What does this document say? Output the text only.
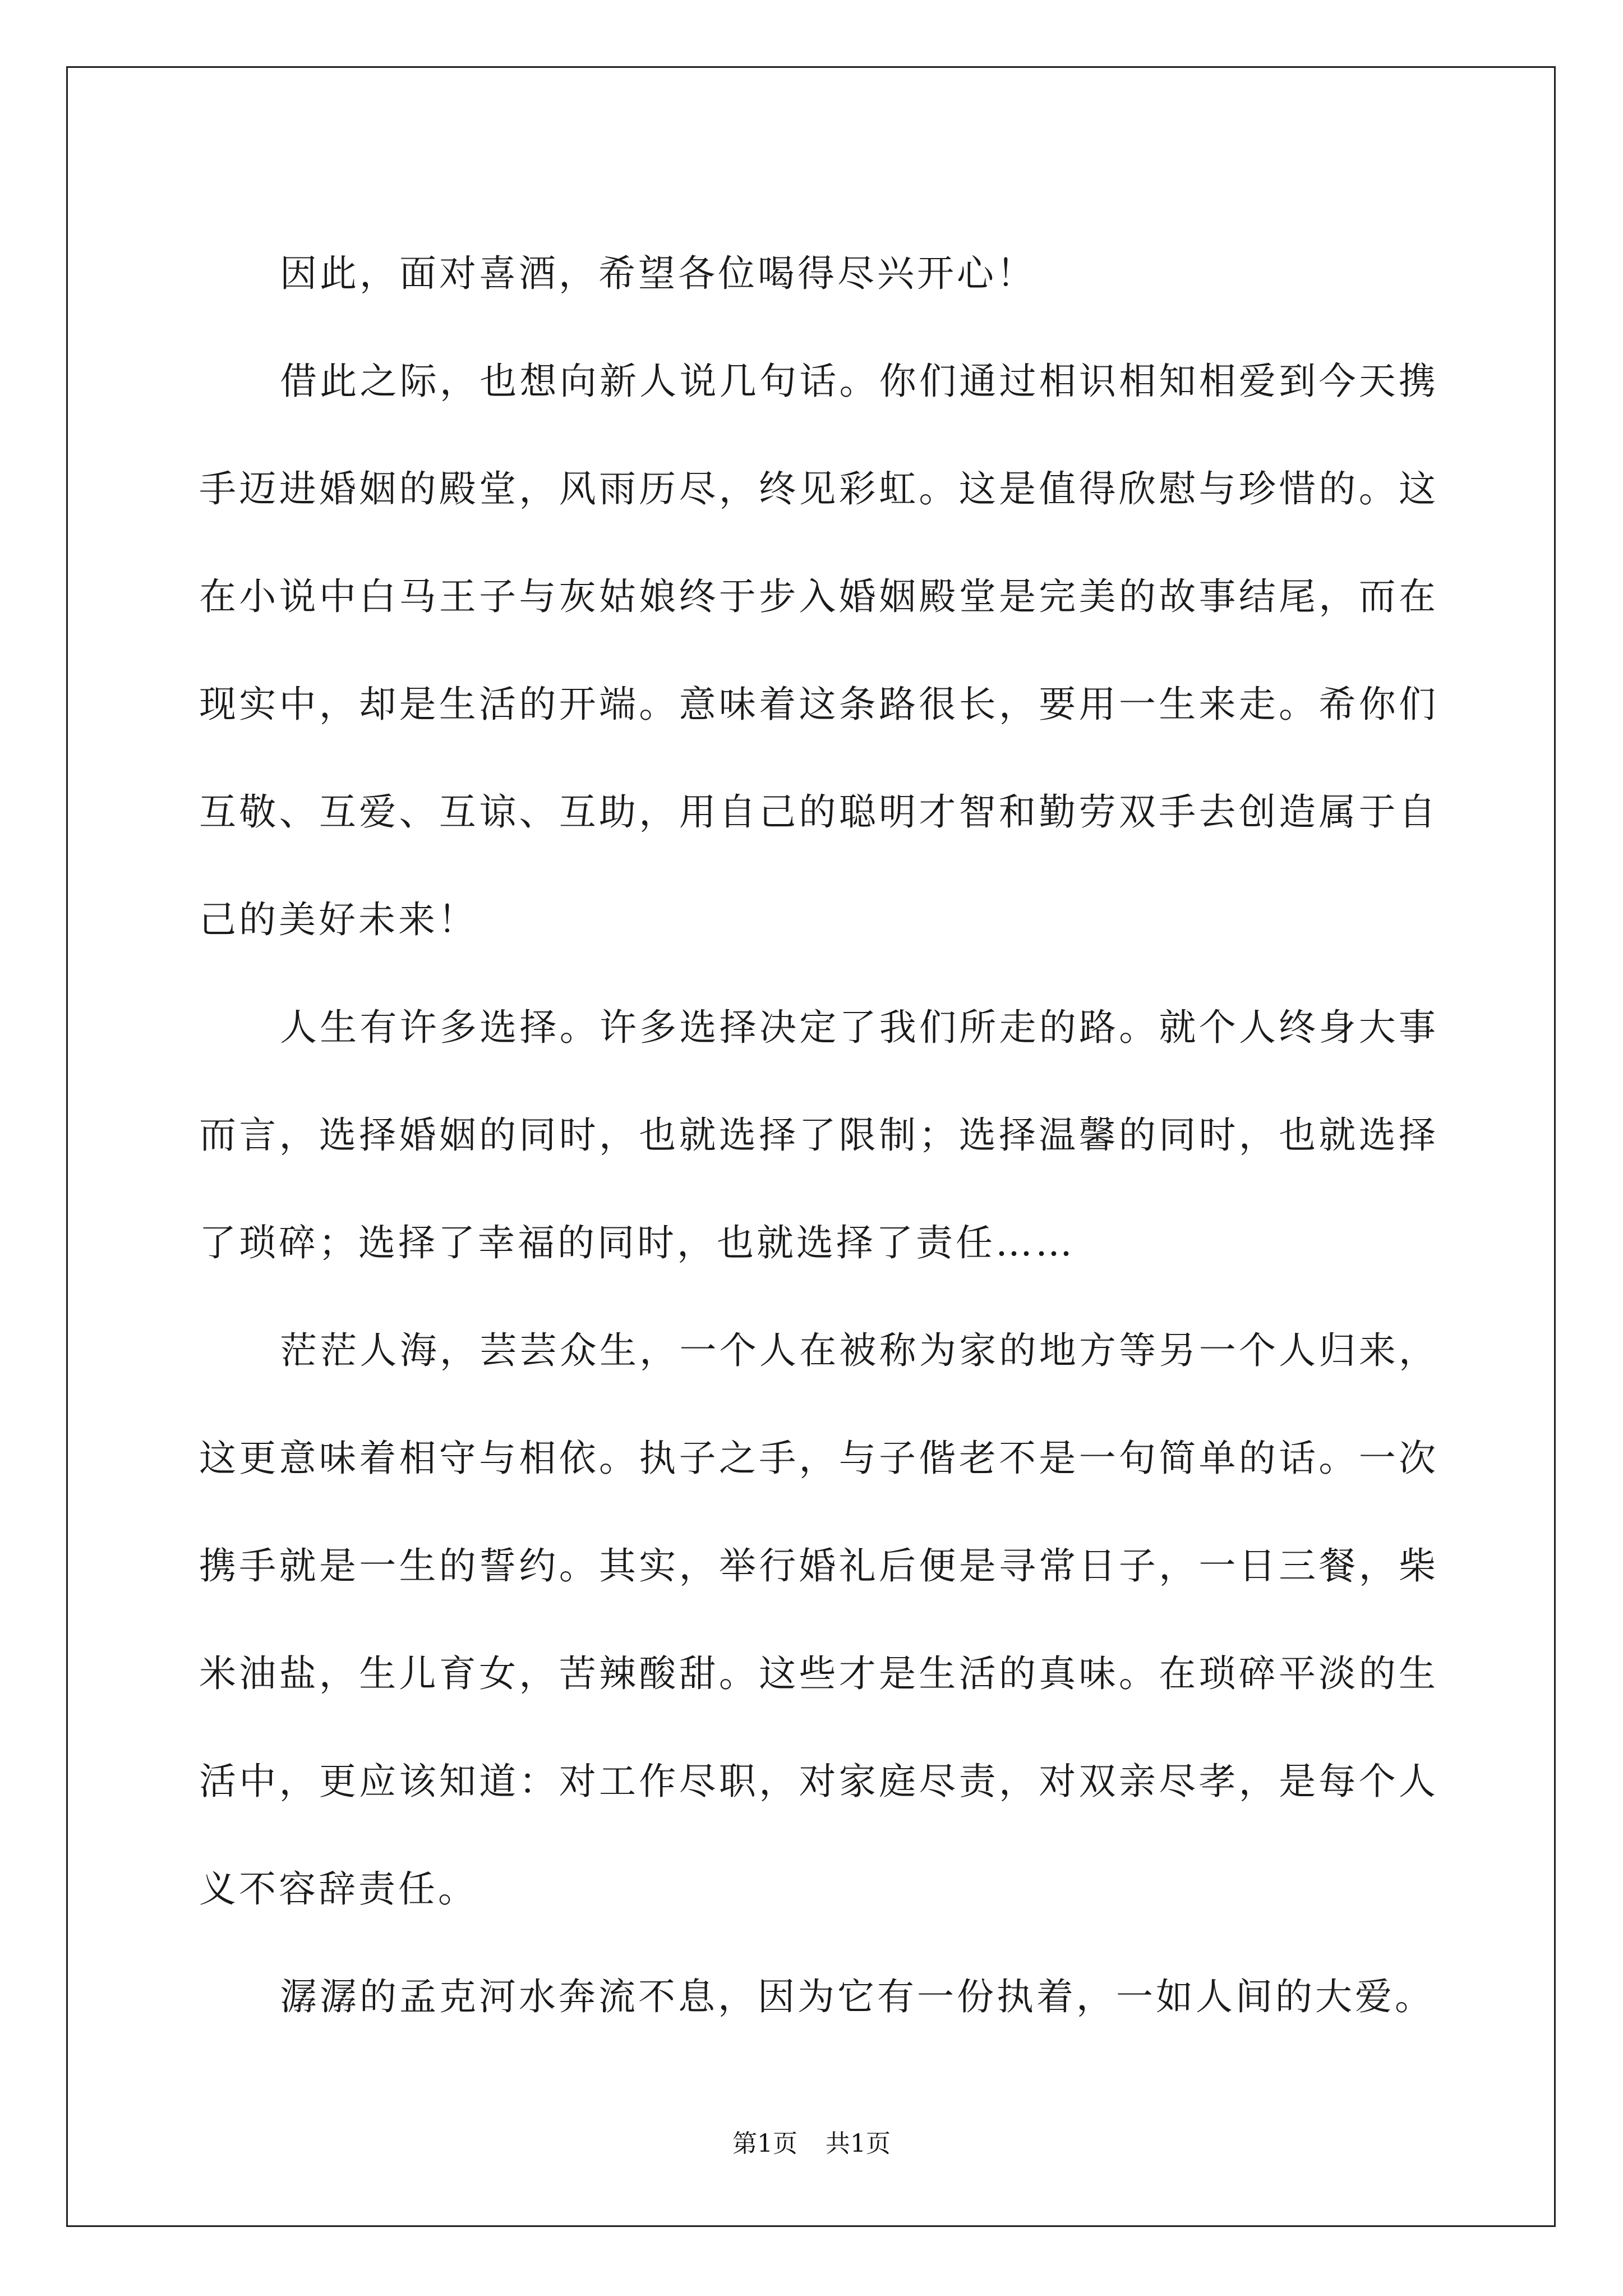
因此，面对喜酒，希望各位喝得尽兴开心！

借此之际，也想向新人说几句话。你们通过相识相知相爱到今天携手迈进婚姻的殿堂，风雨历尽，终见彩虹。这是值得欣慰与珍惜的。这在小说中白马王子与灰姑娘终于步入婚姻殿堂是完美的故事结尾，而在现实中，却是生活的开端。意味着这条路很长，要用一生来走。希你们互敬、互爱、互谅、互助，用自己的聪明才智和勤劳双手去创造属于自己的美好未来！

人生有许多选择。许多选择决定了我们所走的路。就个人终身大事而言，选择婚姻的同时，也就选择了限制；选择温馨的同时，也就选择了琐碎；选择了幸福的同时，也就选择了责任……

茫茫人海，芸芸众生，一个人在被称为家的地方等另一个人归来，这更意味着相守与相依。执子之手，与子偕老不是一句简单的话。一次携手就是一生的誓约。其实，举行婚礼后便是寻常日子，一日三餐，柴米油盐，生儿育女，苦辣酸甜。这些才是生活的真味。在琐碎平淡的生活中，更应该知道：对工作尽职，对家庭尽责，对双亲尽孝，是每个人义不容辞责任。

潺潺的孟克河水奔流不息，因为它有一份执着，一如人间的大爱。

第1页 共1页
